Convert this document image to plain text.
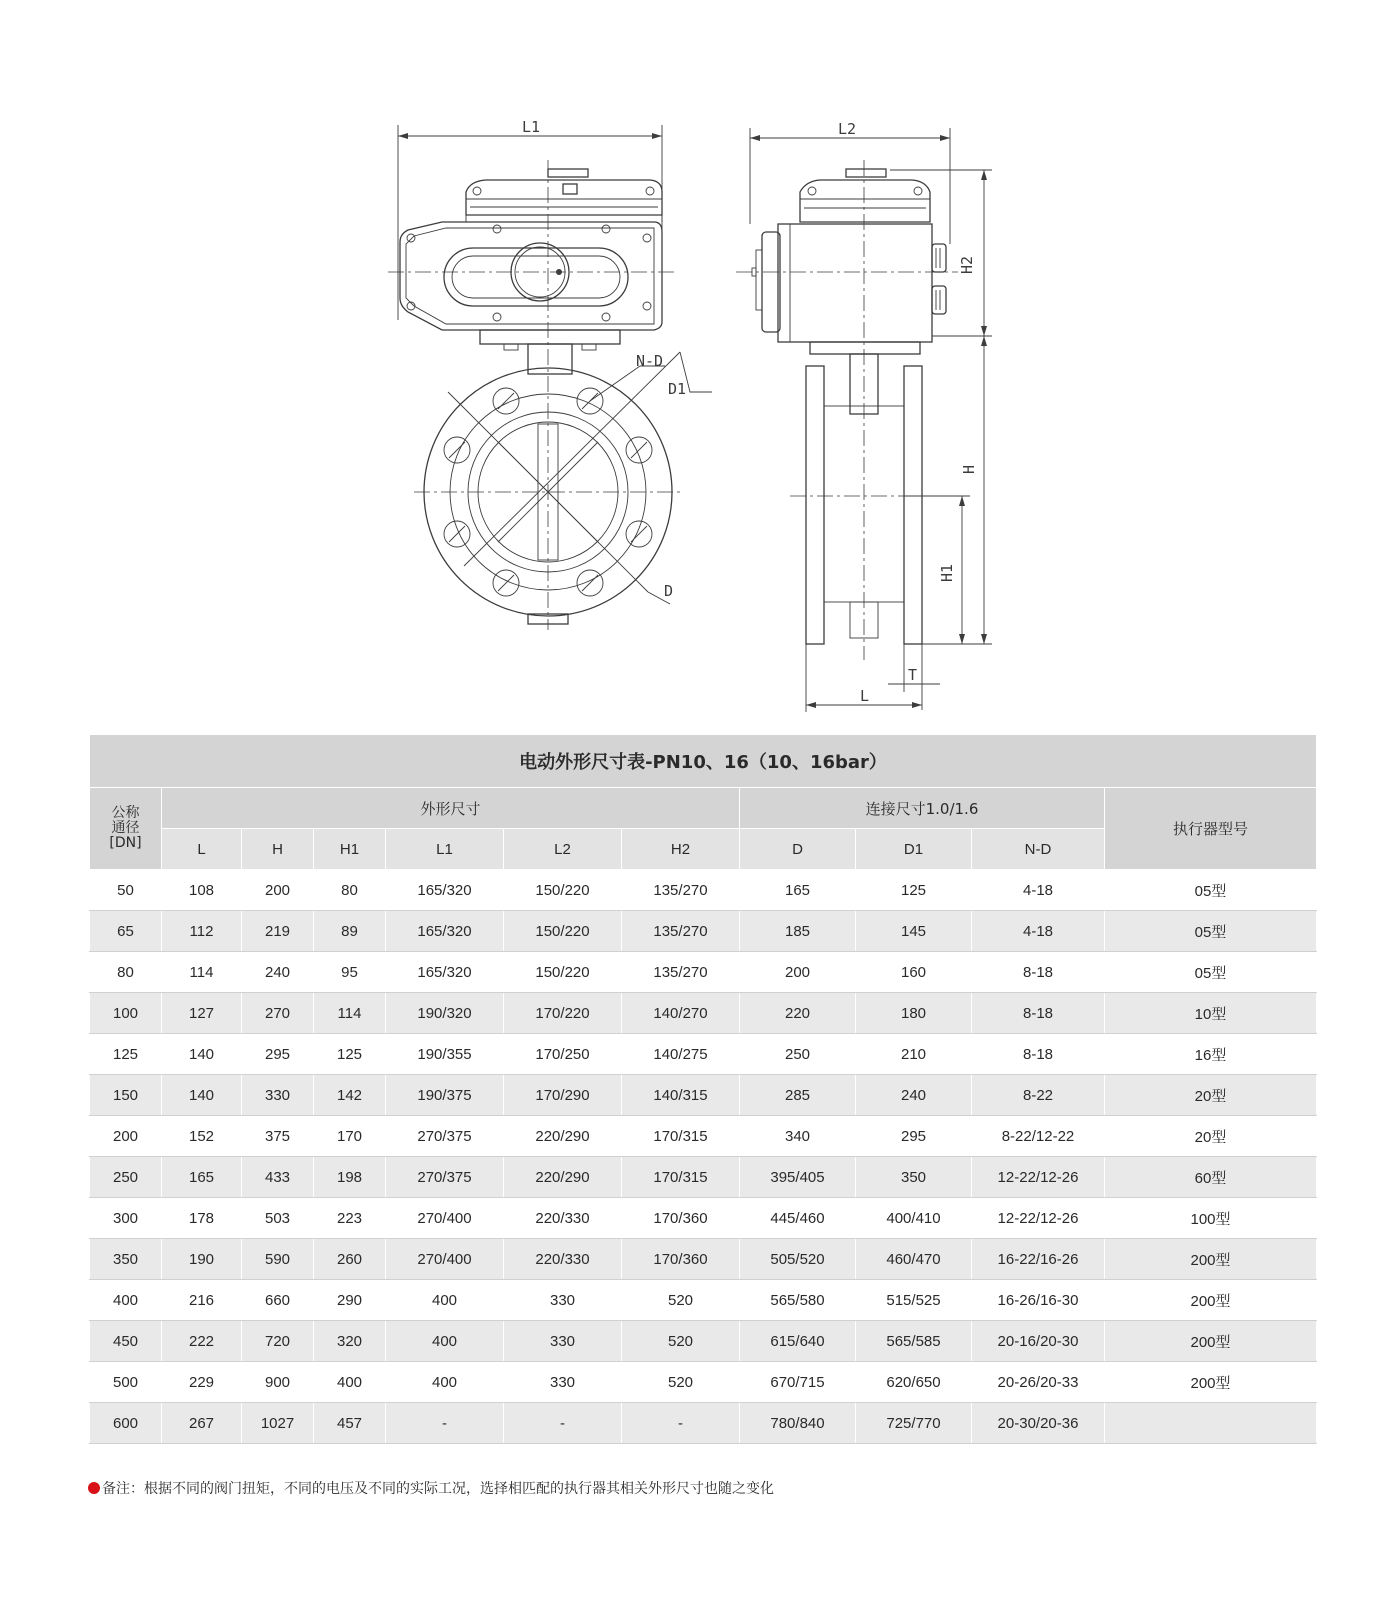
L1
N-D
D1
D
L2
H2
H
H1
T
L
电动外形尺寸表-PN10、16（10、16bar）										
公称
通径
[DN]	外形尺寸						连接尺寸1.0/1.6			执行器型号
	L	H	H1	L1	L2	H2	D	D1	N-D	
50	108	200	80	165/320	150/220	135/270	165	125	4-18	05型
65	112	219	89	165/320	150/220	135/270	185	145	4-18	05型
80	114	240	95	165/320	150/220	135/270	200	160	8-18	05型
100	127	270	114	190/320	170/220	140/270	220	180	8-18	10型
125	140	295	125	190/355	170/250	140/275	250	210	8-18	16型
150	140	330	142	190/375	170/290	140/315	285	240	8-22	20型
200	152	375	170	270/375	220/290	170/315	340	295	8-22/12-22	20型
250	165	433	198	270/375	220/290	170/315	395/405	350	12-22/12-26	60型
300	178	503	223	270/400	220/330	170/360	445/460	400/410	12-22/12-26	100型
350	190	590	260	270/400	220/330	170/360	505/520	460/470	16-22/16-26	200型
400	216	660	290	400	330	520	565/580	515/525	16-26/16-30	200型
450	222	720	320	400	330	520	615/640	565/585	20-16/20-30	200型
500	229	900	400	400	330	520	670/715	620/650	20-26/20-33	200型
600	267	1027	457	-	-	-	780/840	725/770	20-30/20-36	
备注：根据不同的阀门扭矩，不同的电压及不同的实际工况，选择相匹配的执行器其相关外形尺寸也随之变化
